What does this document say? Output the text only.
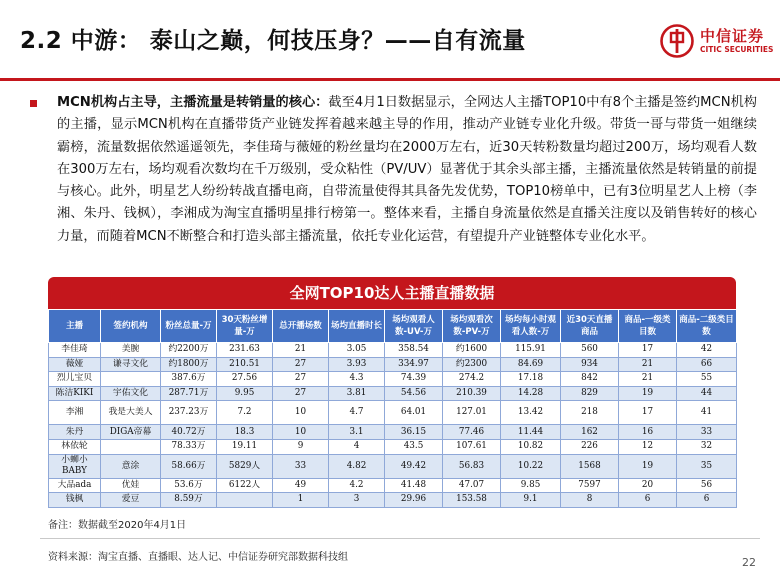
2.2 中游： 泰山之巅，何技压身？——自有流量	中信证券
CITIC SECURITIES
MCN机构占主导，主播流量是转销量的核心：截至4月1日数据显示，全网达人主播TOP10中有8个主播是签约MCN机构的主播，显示MCN机构在直播带货产业链发挥着越来越主导的作用，推动产业链专业化升级。带货一哥与带货一姐继续霸榜，流量数据依然遥遥领先，李佳琦与薇娅的粉丝量均在2000万左右，近30天转粉数量均超过200万，场均观看人数在300万左右，场均观看次数均在千万级别，受众粘性（PV/UV）显著优于其余头部主播，主播流量依然是转销量的前提与核心。此外，明星艺人纷纷转战直播电商，自带流量使得其具备先发优势，TOP10榜单中，已有3位明星艺人上榜（李湘、朱丹、钱枫），李湘成为淘宝直播明星排行榜第一。整体来看，主播自身流量依然是直播关注度以及销售转好的核心力量，而随着MCN不断整合和打造头部主播流量，依托专业化运营，有望提升产业链整体专业化水平。
全网TOP10达人主播直播数据
主播	签约机构	粉丝总量-万	30天粉丝增量-万	总开播场数	场均直播时长	场均观看人数-UV-万	场均观看次数-PV-万	场均每小时观看人数-万	近30天直播商品	商品-一级类目数	商品-二级类目数
李佳琦	美腕	约2200万	231.63	21	3.05	358.54	约1600	115.91	560	17	42
薇娅	谦寻文化	约1800万	210.51	27	3.93	334.97	约2300	84.69	934	21	66
烈儿宝贝		387.6万	27.56	27	4.3	74.39	274.2	17.18	842	21	55
陈洁KIKI	宇佑文化	287.71万	9.95	27	3.81	54.56	210.39	14.28	829	19	44
李湘	我是大美人	237.23万	7.2	10	4.7	64.01	127.01	13.42	218	17	41
朱丹	DIGA帝幕	40.72万	18.3	10	3.1	36.15	77.46	11.44	162	16	33
林依轮		78.33万	19.11	9	4	43.5	107.61	10.82	226	12	32
小蛳小BABY	意涂	58.66万	5829人	33	4.82	49.42	56.83	10.22	1568	19	35
大品ada	优娃	53.6万	6122人	49	4.2	41.48	47.07	9.85	7597	20	56
钱枫	爱豆	8.59万		1	3	29.96	153.58	9.1	8	6	6
备注：数据截至2020年4月1日
资料来源：淘宝直播、直播眼、达人记、中信证券研究部数据科技组	22
